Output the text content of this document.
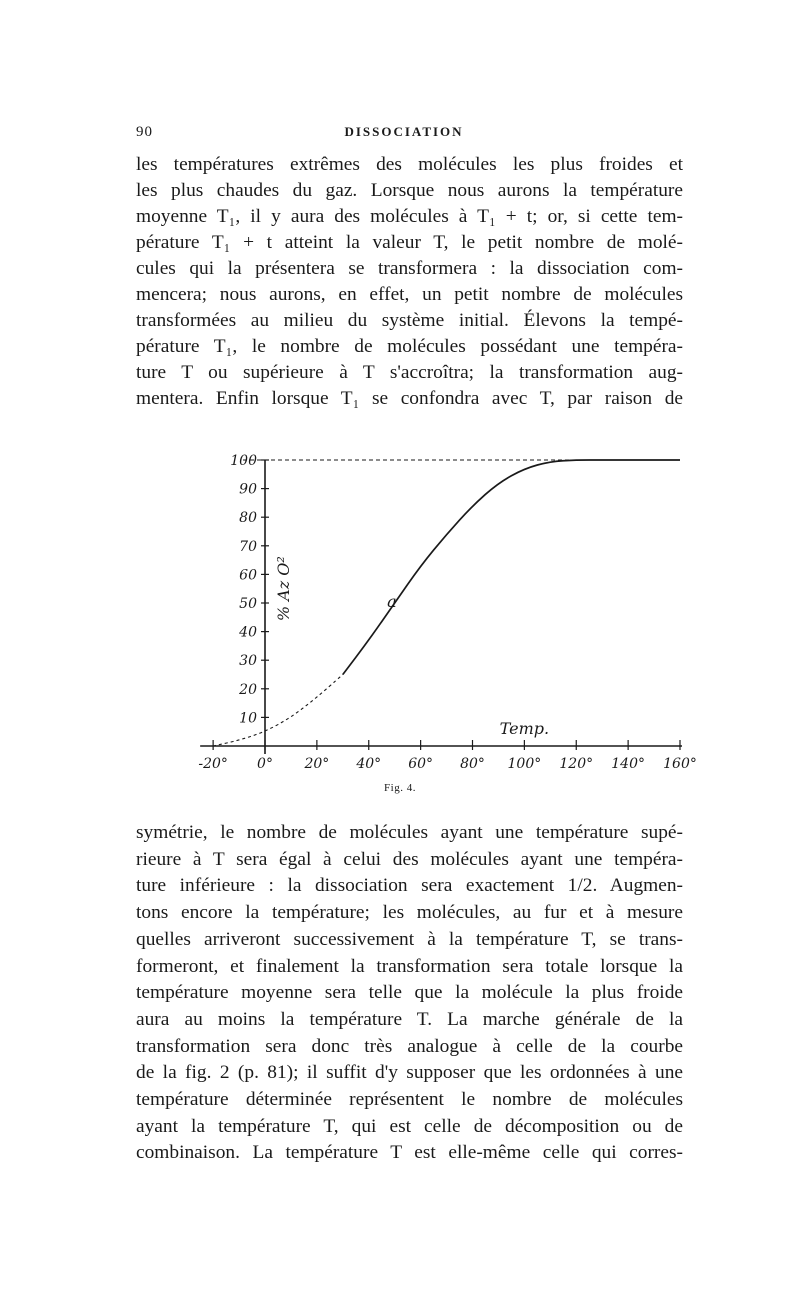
90	DISSOCIATION
les températures extrêmes des molécules les plus froides et
les plus chaudes du gaz. Lorsque nous aurons la température
moyenne T₁, il y aura des molécules à T₁ + t; or, si cette tem-
pérature T₁ + t atteint la valeur T, le petit nombre de molé-
cules qui la présentera se transformera : la dissociation com-
mencera; nous aurons, en effet, un petit nombre de molécules
transformées au milieu du système initial. Élevons la tempé-
pérature T₁, le nombre de molécules possédant une tempéra-
ture T ou supérieure à T s'accroîtra; la transformation aug-
mentera. Enfin lorsque T₁ se confondra avec T, par raison de
10
20
30
40
50
60
70
80
90
100
-20° 0° 20° 40° 60° 80° 100° 120° 140° 160°
% Az O²
Temp.
a
Fig. 4.
symétrie, le nombre de molécules ayant une température supé-
rieure à T sera égal à celui des molécules ayant une tempéra-
ture inférieure : la dissociation sera exactement 1/2. Augmen-
tons encore la température; les molécules, au fur et à mesure
quelles arriveront successivement à la température T, se trans-
formeront, et finalement la transformation sera totale lorsque la
température moyenne sera telle que la molécule la plus froide
aura au moins la température T. La marche générale de la
transformation sera donc très analogue à celle de la courbe
de la fig. 2 (p. 81); il suffit d'y supposer que les ordonnées à une
température déterminée représentent le nombre de molécules
ayant la température T, qui est celle de décomposition ou de
combinaison. La température T est elle-même celle qui corres-
